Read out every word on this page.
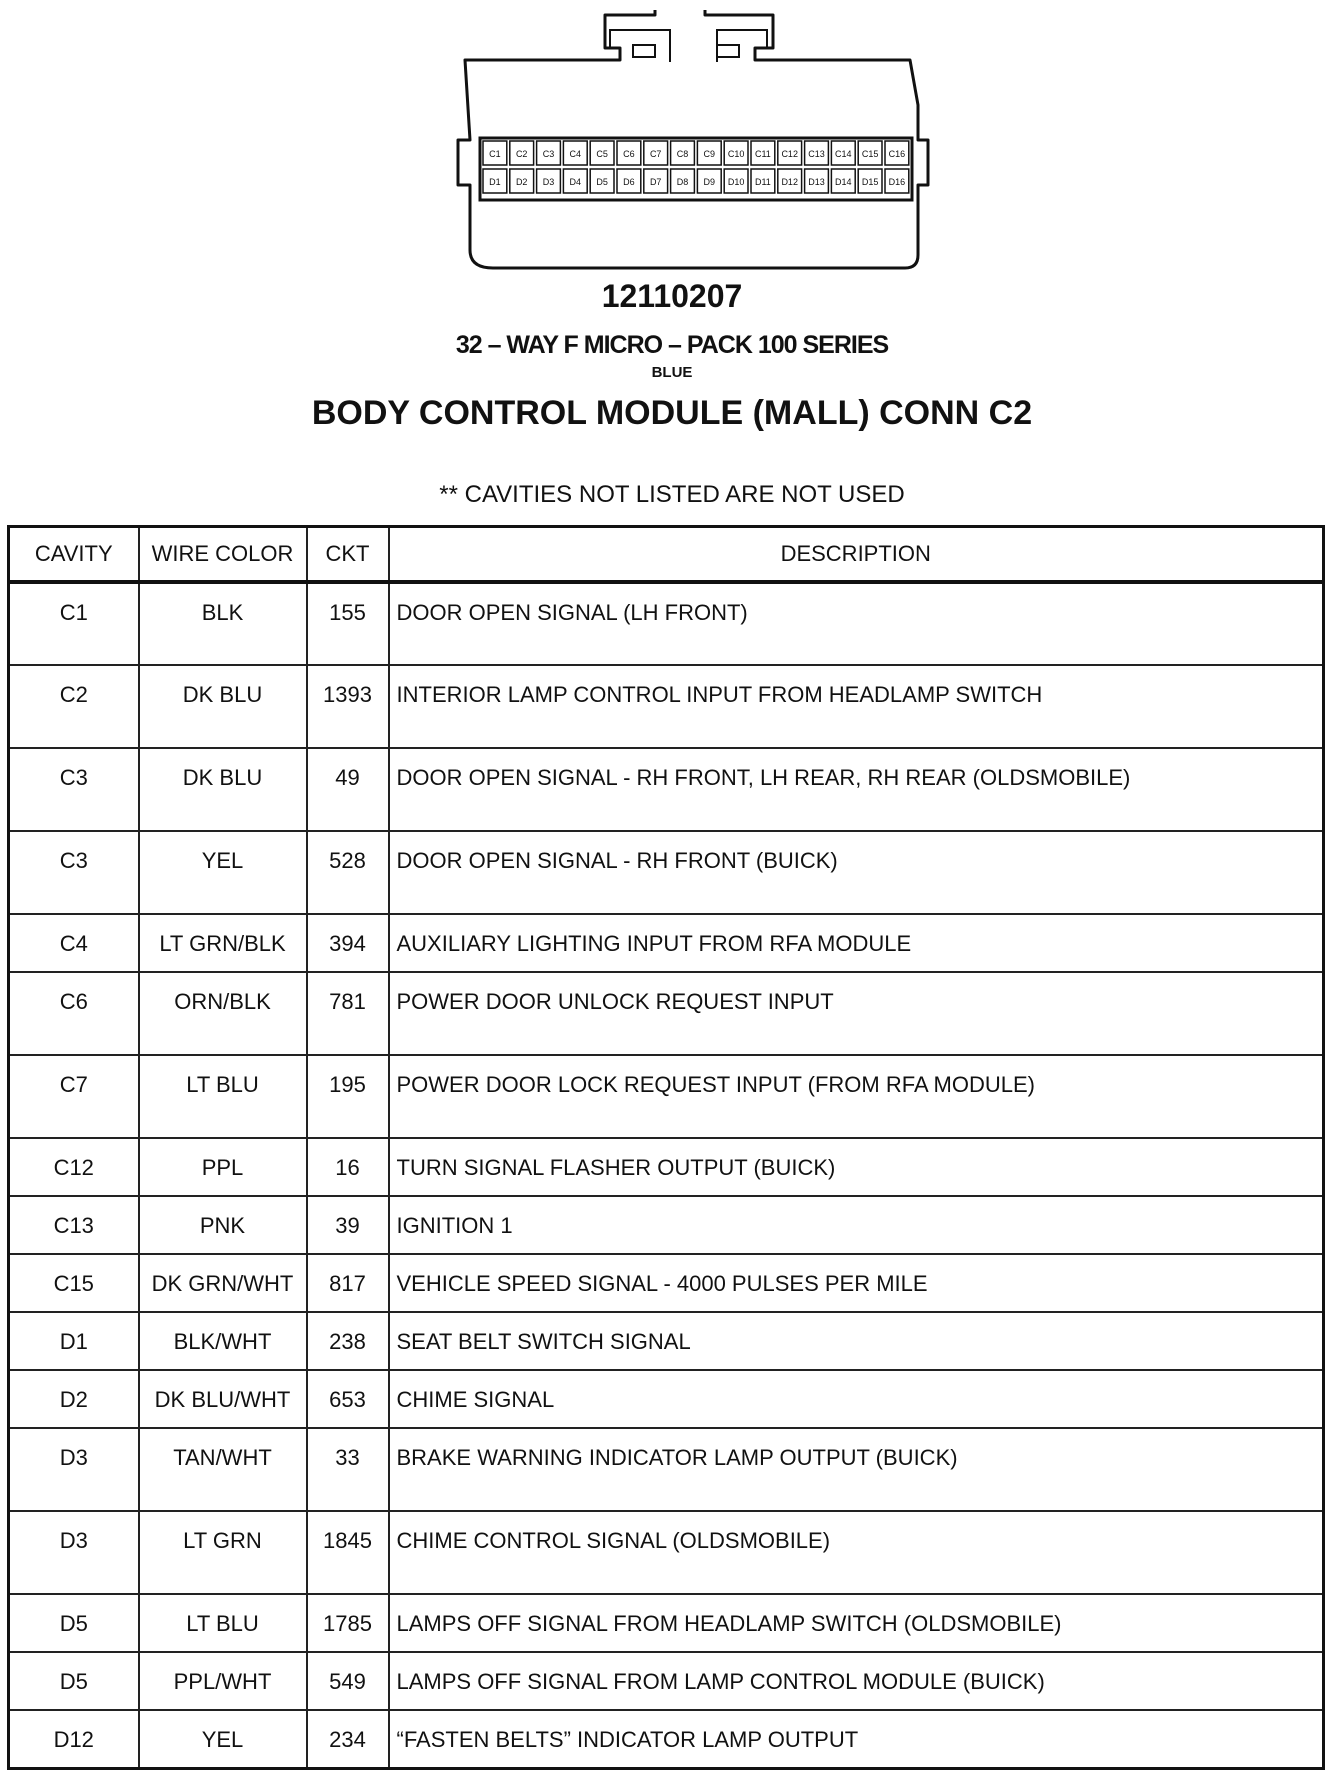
C1 C2 C3 C4 C5 C6 C7 C8 C9 C10 C11 C12 C13 C14 C15 C16
D1 D2 D3 D4 D5 D6 D7 D8 D9 D10 D11 D12 D13 D14 D15 D16
12110207
32 – WAY F MICRO – PACK 100 SERIES
BLUE
BODY CONTROL MODULE (MALL) CONN C2
** CAVITIES NOT LISTED ARE NOT USED
CAVITY	WIRE COLOR	CKT	DESCRIPTION
C1	BLK	155	DOOR OPEN SIGNAL (LH FRONT)
C2	DK BLU	1393	INTERIOR LAMP CONTROL INPUT FROM HEADLAMP SWITCH
C3	DK BLU	49	DOOR OPEN SIGNAL - RH FRONT, LH REAR, RH REAR (OLDSMOBILE)
C3	YEL	528	DOOR OPEN SIGNAL - RH FRONT (BUICK)
C4	LT GRN/BLK	394	AUXILIARY LIGHTING INPUT FROM RFA MODULE
C6	ORN/BLK	781	POWER DOOR UNLOCK REQUEST INPUT
C7	LT BLU	195	POWER DOOR LOCK REQUEST INPUT (FROM RFA MODULE)
C12	PPL	16	TURN SIGNAL FLASHER OUTPUT (BUICK)
C13	PNK	39	IGNITION 1
C15	DK GRN/WHT	817	VEHICLE SPEED SIGNAL - 4000 PULSES PER MILE
D1	BLK/WHT	238	SEAT BELT SWITCH SIGNAL
D2	DK BLU/WHT	653	CHIME SIGNAL
D3	TAN/WHT	33	BRAKE WARNING INDICATOR LAMP OUTPUT (BUICK)
D3	LT GRN	1845	CHIME CONTROL SIGNAL (OLDSMOBILE)
D5	LT BLU	1785	LAMPS OFF SIGNAL FROM HEADLAMP SWITCH (OLDSMOBILE)
D5	PPL/WHT	549	LAMPS OFF SIGNAL FROM LAMP CONTROL MODULE (BUICK)
D12	YEL	234	“FASTEN BELTS” INDICATOR LAMP OUTPUT
